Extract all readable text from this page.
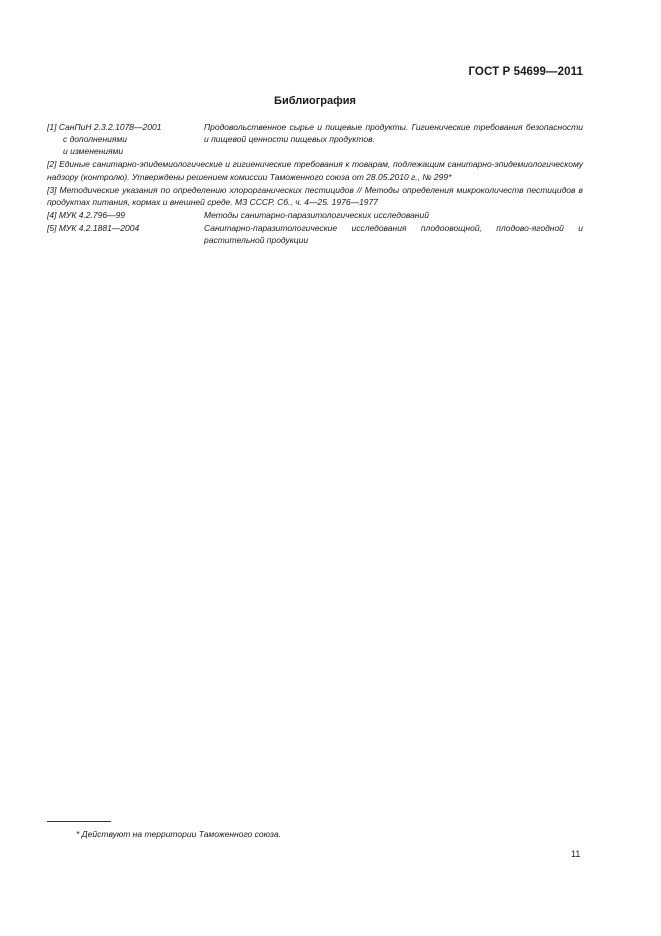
ГОСТ Р 54699—2011
Библиография
[1] СанПиН 2.3.2.1078—2001
с дополнениями
и изменениями
Продовольственное сырье и пищевые продукты. Гигиенические требования безопасности и пищевой ценности пищевых продуктов.
[2] Единые санитарно-эпидемиологические и гигиенические требования к товарам, подлежащим санитарно-эпидемиологическому надзору (контролю). Утверждены решением комиссии Таможенного союза от 28.05.2010 г., № 299*
[3] Методические указания по определению хлорорганических пестицидов // Методы определения микроколичеств пестицидов в продуктах питания, кормах и внешней среде. МЗ СССР. Сб., ч. 4—25. 1976—1977
[4] МУК 4.2.796—99	Методы санитарно-паразитологических исследований
[5] МУК 4.2.1881—2004	Санитарно-паразитологические исследования плодоовощной, плодово-ягодной и растительной продукции
* Действуют на территории Таможенного союза.
11
